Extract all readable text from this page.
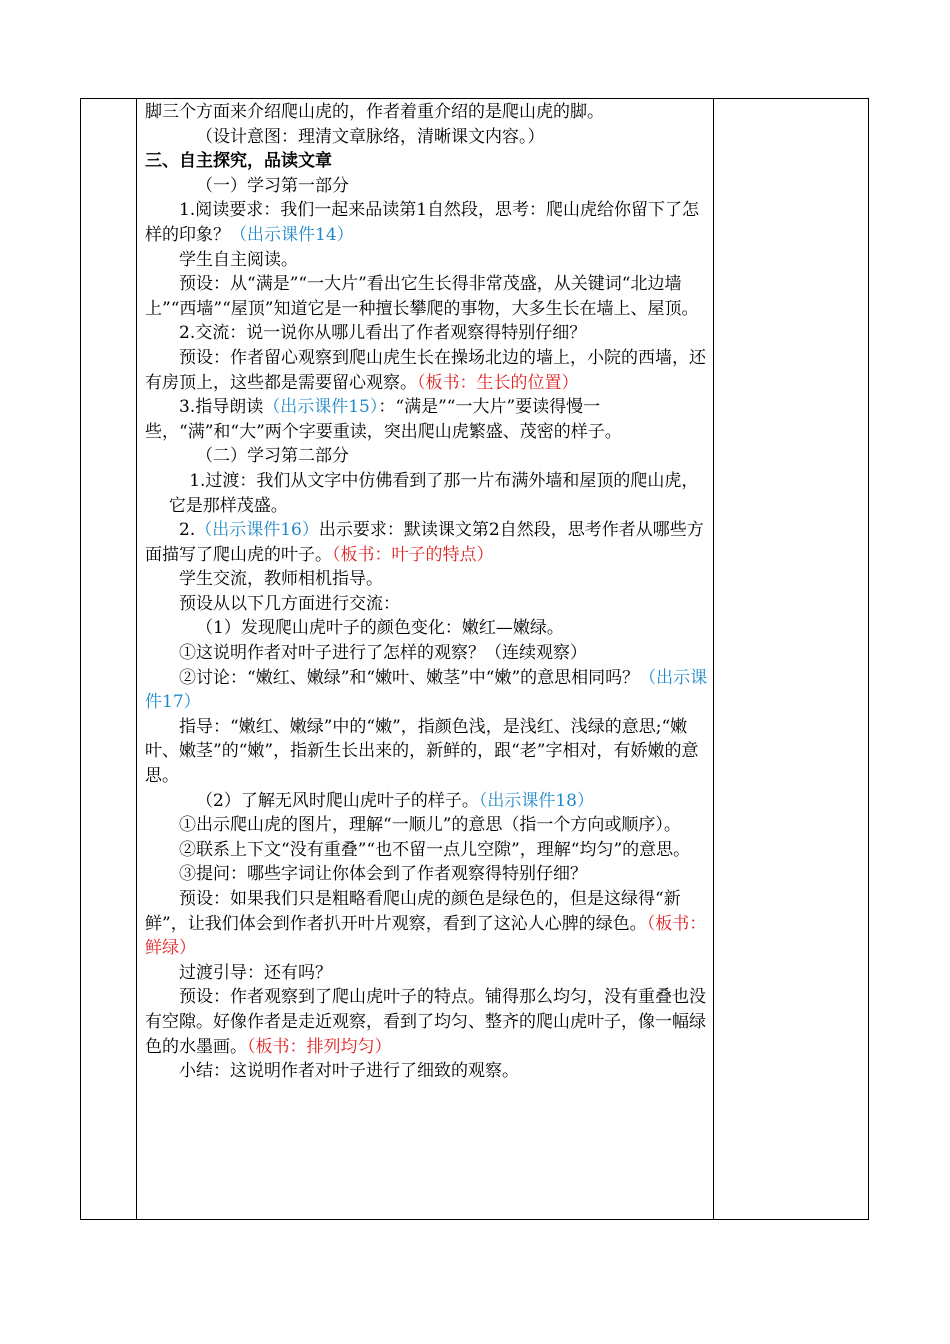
脚三个方面来介绍爬山虎的，作者着重介绍的是爬山虎的脚。

（设计意图：理清文章脉络，清晰课文内容。）

三、自主探究，品读文章

（一）学习第一部分

1.阅读要求：我们一起来品读第1自然段，思考：爬山虎给你留下了怎样的印象？（出示课件14）

学生自主阅读。

预设：从“满是”“一大片”看出它生长得非常茂盛，从关键词“北边墙上”“西墙”“屋顶”知道它是一种擅长攀爬的事物，大多生长在墙上、屋顶。

2.交流：说一说你从哪儿看出了作者观察得特别仔细？

预设：作者留心观察到爬山虎生长在操场北边的墙上，小院的西墙，还有房顶上，这些都是需要留心观察。（板书：生长的位置）

3.指导朗读（出示课件15）：“满是”“一大片”要读得慢一些，“满”和“大”两个字要重读，突出爬山虎繁盛、茂密的样子。

（二）学习第二部分

1.过渡：我们从文字中仿佛看到了那一片布满外墙和屋顶的爬山虎，它是那样茂盛。

2.（出示课件16）出示要求：默读课文第2自然段，思考作者从哪些方面描写了爬山虎的叶子。（板书：叶子的特点）

学生交流，教师相机指导。

预设从以下几方面进行交流：

（1）发现爬山虎叶子的颜色变化：嫩红—嫩绿。

①这说明作者对叶子进行了怎样的观察？（连续观察）

②讨论：“嫩红、嫩绿”和“嫩叶、嫩茎”中“嫩”的意思相同吗？（出示课件17）

指导：“嫩红、嫩绿”中的“嫩”，指颜色浅，是浅红、浅绿的意思;“嫩叶、嫩茎”的“嫩”，指新生长出来的，新鲜的，跟“老”字相对，有娇嫩的意思。

（2）了解无风时爬山虎叶子的样子。（出示课件18）

①出示爬山虎的图片，理解“一顺儿”的意思（指一个方向或顺序）。

②联系上下文“没有重叠”“也不留一点儿空隙”，理解“均匀”的意思。

③提问：哪些字词让你体会到了作者观察得特别仔细？

预设：如果我们只是粗略看爬山虎的颜色是绿色的，但是这绿得“新鲜”，让我们体会到作者扒开叶片观察，看到了这沁人心脾的绿色。（板书：鲜绿）

过渡引导：还有吗？

预设：作者观察到了爬山虎叶子的特点。铺得那么均匀，没有重叠也没有空隙。好像作者是走近观察，看到了均匀、整齐的爬山虎叶子，像一幅绿色的水墨画。（板书：排列均匀）

小结：这说明作者对叶子进行了细致的观察。
